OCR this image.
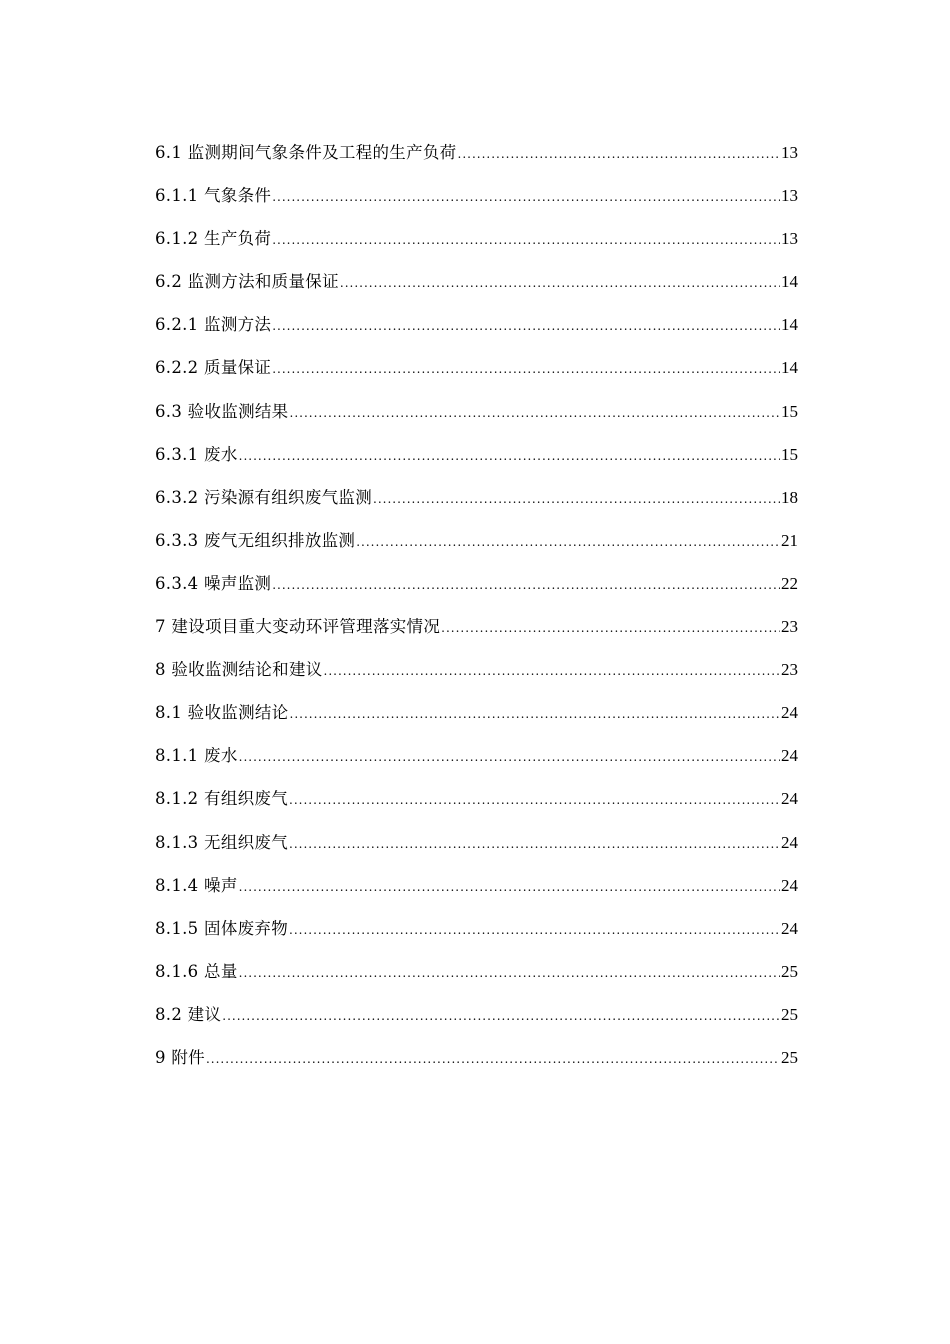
6.1 监测期间气象条件及工程的生产负荷 .....	13
6.1.1 气象条件 .....	13
6.1.2 生产负荷 .....	13
6.2 监测方法和质量保证 .....	14
6.2.1 监测方法 .....	14
6.2.2 质量保证 .....	14
6.3 验收监测结果 .....	15
6.3.1 废水 .....	15
6.3.2 污染源有组织废气监测 .....	18
6.3.3 废气无组织排放监测 .....	21
6.3.4 噪声监测 .....	22
7 建设项目重大变动环评管理落实情况 .....	23
8 验收监测结论和建议 .....	23
8.1 验收监测结论 .....	24
8.1.1 废水 .....	24
8.1.2 有组织废气 .....	24
8.1.3 无组织废气 .....	24
8.1.4 噪声 .....	24
8.1.5 固体废弃物 .....	24
8.1.6 总量 .....	25
8.2 建议 .....	25
9 附件 .....	25
